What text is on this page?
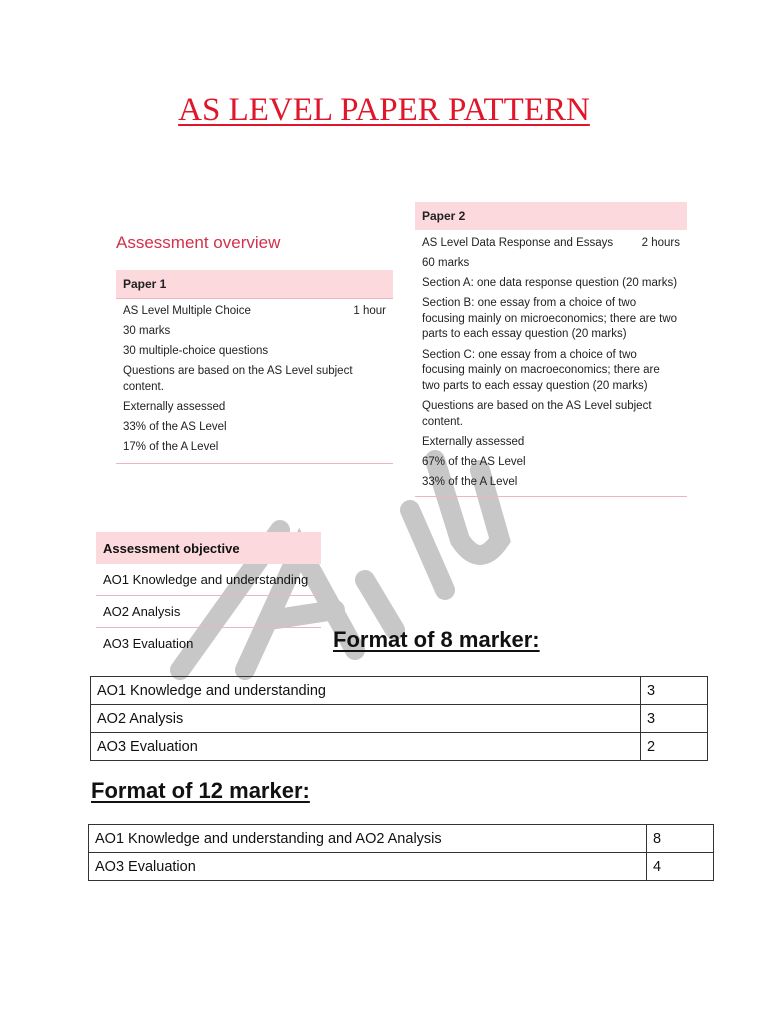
AS LEVEL PAPER PATTERN
Assessment overview
Paper 1
AS Level Multiple Choice	1 hour
30 marks
30 multiple-choice questions
Questions are based on the AS Level subject content.
Externally assessed
33% of the AS Level
17% of the A Level
Paper 2
AS Level Data Response and Essays 2 hours
60 marks
Section A: one data response question (20 marks)
Section B: one essay from a choice of two focusing mainly on microeconomics; there are two parts to each essay question (20 marks)
Section C: one essay from a choice of two focusing mainly on macroeconomics; there are two parts to each essay question (20 marks)
Questions are based on the AS Level subject content.
Externally assessed
67% of the AS Level
33% of the A Level
Assessment objective
AO1 Knowledge and understanding
AO2 Analysis
AO3 Evaluation	Format of 8 marker:
AO1 Knowledge and understanding	3
AO2 Analysis	3
AO3 Evaluation	2
Format of 12 marker:
AO1 Knowledge and understanding and AO2 Analysis	8
AO3 Evaluation	4
